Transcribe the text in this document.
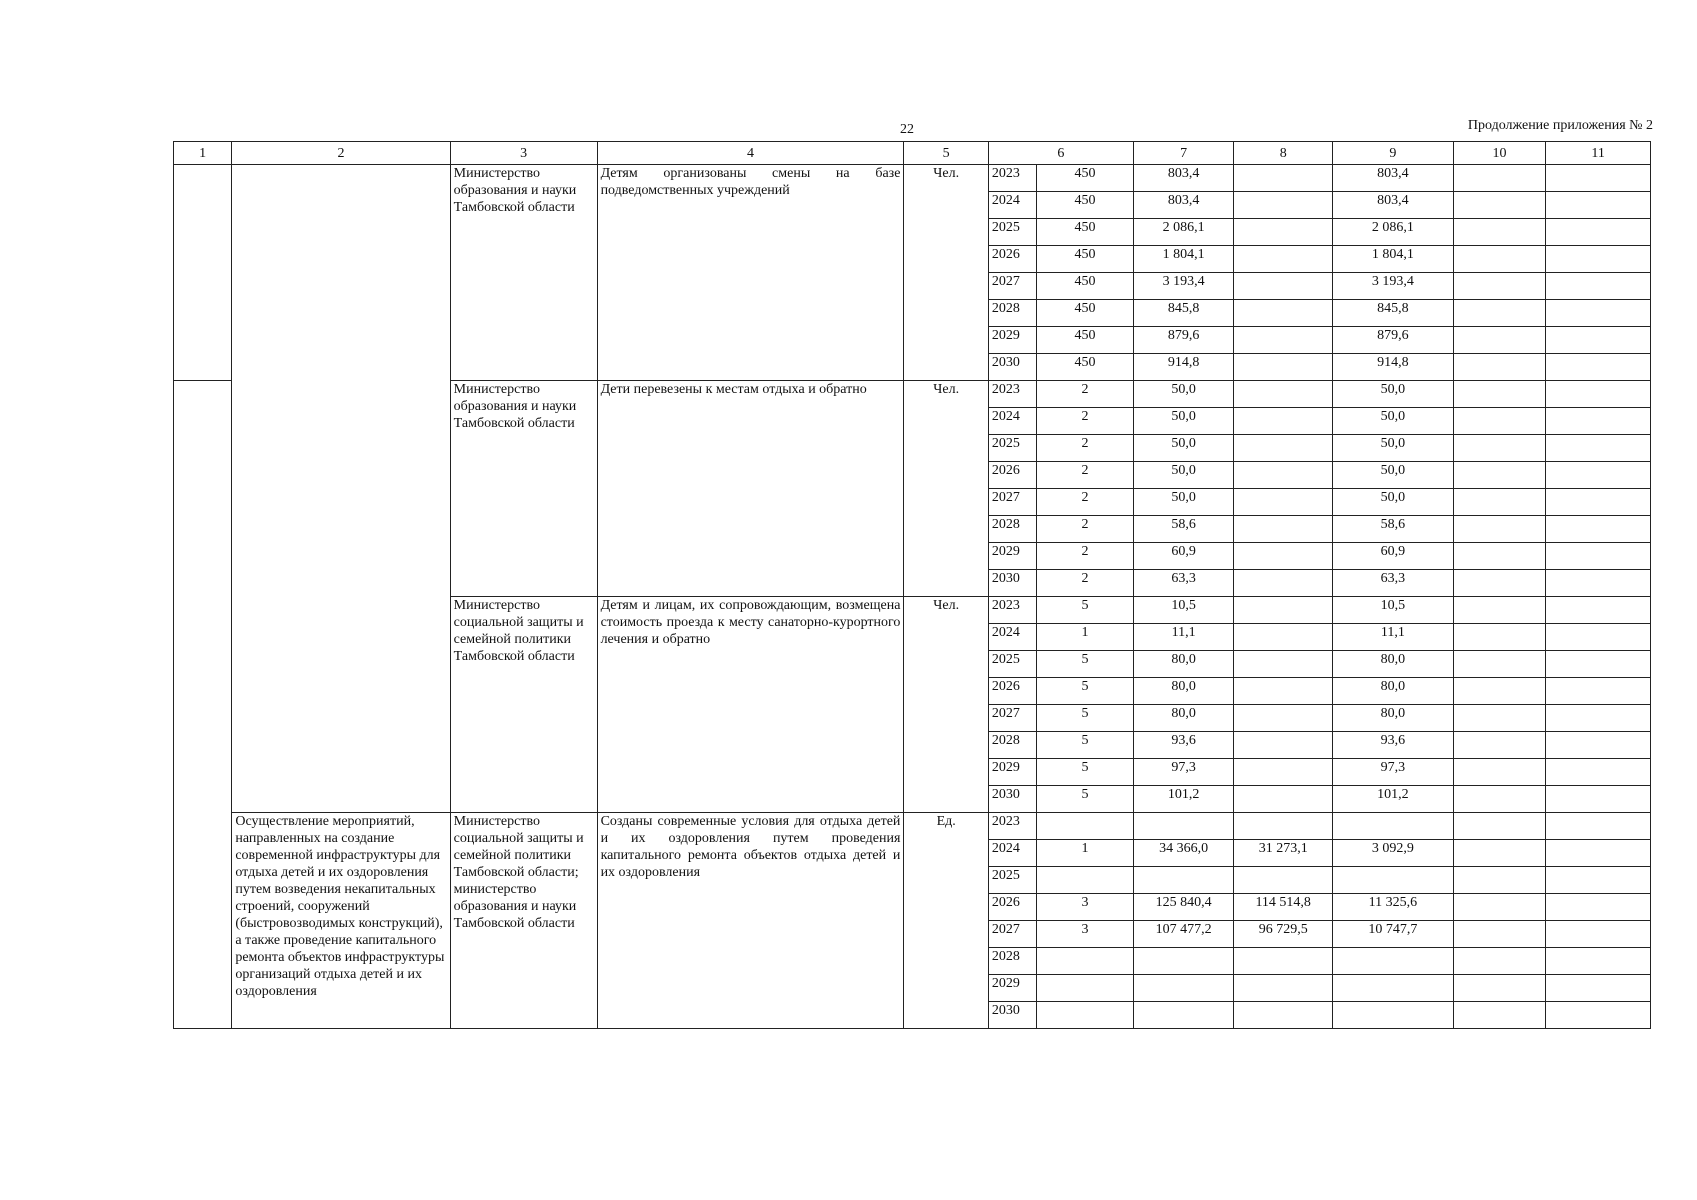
22	Продолжение приложения № 2
1	2	3	4	5	6		7	8	9	10	11
		Министерство образования и науки Тамбовской области	Детям организованы смены на базе подведомственных учреждений	Чел.	2023	450	803,4		803,4		
					2024	450	803,4		803,4		
					2025	450	2 086,1		2 086,1		
					2026	450	1 804,1		1 804,1		
					2027	450	3 193,4		3 193,4		
					2028	450	845,8		845,8		
					2029	450	879,6		879,6		
					2030	450	914,8		914,8		
		Министерство образования и науки Тамбовской области	Дети перевезены к местам отдыха и обратно	Чел.	2023	2	50,0		50,0		
					2024	2	50,0		50,0		
					2025	2	50,0		50,0		
					2026	2	50,0		50,0		
					2027	2	50,0		50,0		
					2028	2	58,6		58,6		
					2029	2	60,9		60,9		
					2030	2	63,3		63,3		
		Министерство социальной защиты и семейной политики Тамбовской области	Детям и лицам, их сопровождающим, возмещена стоимость проезда к месту санаторно-курортного лечения и обратно	Чел.	2023	5	10,5		10,5		
					2024	1	11,1		11,1		
					2025	5	80,0		80,0		
					2026	5	80,0		80,0		
					2027	5	80,0		80,0		
					2028	5	93,6		93,6		
					2029	5	97,3		97,3		
					2030	5	101,2		101,2		
	Осуществление мероприятий, направленных на создание современной инфраструктуры для отдыха детей и их оздоровления путем возведения некапитальных строений, сооружений (быстровозводимых конструкций), а также проведение капитального ремонта объектов инфраструктуры организаций отдыха детей и их оздоровления	Министерство социальной защиты и семейной политики Тамбовской области; министерство образования и науки Тамбовской области	Созданы современные условия для отдыха детей и их оздоровления путем проведения капитального ремонта объектов отдыха детей и их оздоровления	Ед.	2023						
					2024	1	34 366,0	31 273,1	3 092,9		
					2025						
					2026	3	125 840,4	114 514,8	11 325,6		
					2027	3	107 477,2	96 729,5	10 747,7		
					2028						
					2029						
					2030						
